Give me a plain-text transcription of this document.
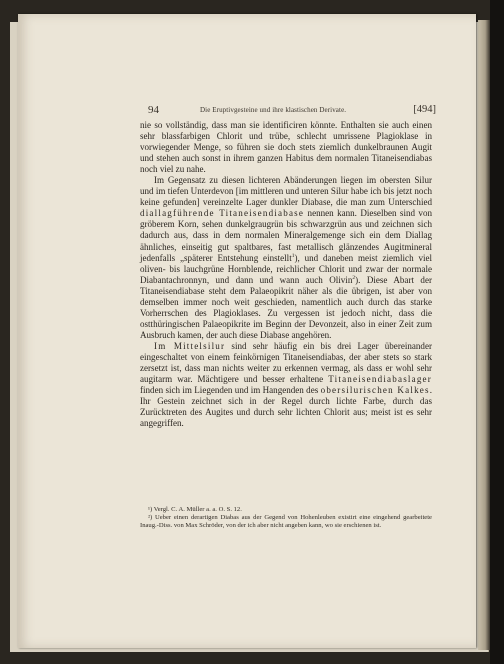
94	Die Eruptivgesteine und ihre klastischen Derivate.	[494]

nie so vollständig, dass man sie identificiren könnte. Enthalten sie auch einen sehr blassfarbigen Chlorit und trübe, schlecht umrissene Plagioklase in vorwiegender Menge, so führen sie doch stets ziemlich dunkelbraunen Augit und stehen auch sonst in ihrem ganzen Habitus dem normalen Titaneisendiabas noch viel zu nahe.

Im Gegensatz zu diesen lichteren Abänderungen liegen im obersten Silur und im tiefen Unterdevon [im mittleren und unteren Silur habe ich bis jetzt noch keine gefunden] vereinzelte Lager dunkler Diabase, die man zum Unterschied diallagführende Titaneisendiabase nennen kann. Dieselben sind von gröberem Korn, sehen dunkelgraugrün bis schwarzgrün aus und zeichnen sich dadurch aus, dass in dem normalen Mineralgemenge sich ein dem Diallag ähnliches, einseitig gut spaltbares, fast metallisch glänzendes Augitmineral jedenfalls „späterer Entstehung einstellt$^1$), und daneben meist ziemlich viel oliven- bis lauchgrüne Hornblende, reichlicher Chlorit und zwar der normale Diabantachronnyn, und dann und wann auch Olivin$^2$). Diese Abart der Titaneisendiabase steht dem Palaeopikrit näher als die übrigen, ist aber von demselben immer noch weit geschieden, namentlich auch durch das starke Vorherrschen des Plagioklases. Zu vergessen ist jedoch nicht, dass die ostthüringischen Palaeopikrite im Beginn der Devonzeit, also in einer Zeit zum Ausbruch kamen, der auch diese Diabase angehören.

Im Mittelsilur sind sehr häufig ein bis drei Lager übereinander eingeschaltet von einem feinkörnigen Titaneisendiabas, der aber stets so stark zersetzt ist, dass man nichts weiter zu erkennen vermag, als dass er wohl sehr augitarm war. Mächtigere und besser erhaltene Titaneisendiabaslager finden sich im Liegenden und im Hangenden des obersilurischen Kalkes. Ihr Gestein zeichnet sich in der Regel durch lichte Farbe, durch das Zurücktreten des Augites und durch sehr lichten Chlorit aus; meist ist es sehr angegriffen.

¹) Vergl. C. A. Müller a. a. O. S. 12.

²) Ueber einen derartigen Diabas aus der Gegend von Hohenleuben existirt eine eingehend gearbeitete Inaug.-Diss. von Max Schröder, von der ich aber nicht angeben kann, wo sie erschienen ist.
